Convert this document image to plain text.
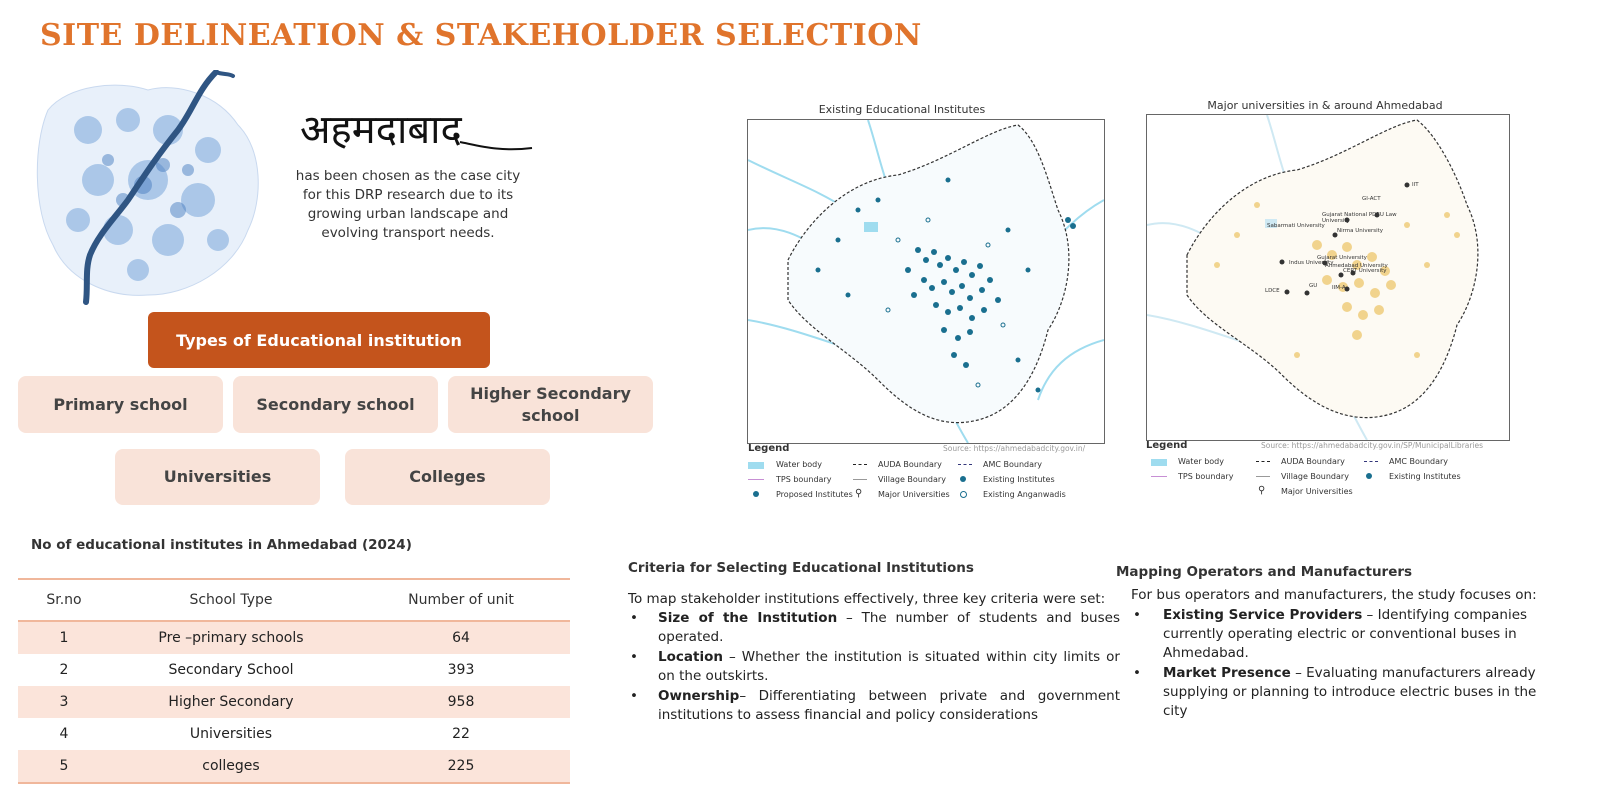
SITE DELINEATION & STAKEHOLDER SELECTION
अहमदाबाद
has been chosen as the case city for this DRP research due to its growing urban landscape and evolving transport needs.
Types of Educational institution
Primary school	Secondary school
Higher Secondary school
Universities	Colleges
No of educational institutes in Ahmedabad (2024)
Sr.no	School Type	Number of unit
1	Pre –primary schools	64
2	Secondary School	393
3	Higher Secondary	958
4	Universities	22
5	colleges	225
Existing Educational Institutes
Legend	Source: https://ahmedabadcity.gov.in/
Water body	AUDA Boundary	AMC Boundary
TPS boundary	Village Boundary	Existing Institutes
Proposed Institutes ⚲ Major Universities	Existing Anganwadis
Major universities in & around Ahmedabad
GI-ACT
IIT
Gujarat National PDEU Law University
Sabarmati University
Nirma University
Gujarat University
CEPT University
Ahmedabad University
Indus University
LDCE
GU	IIM-A
Legend	Source: https://ahmedabadcity.gov.in/SP/MunicipalLibraries
Water body	AUDA Boundary	AMC Boundary
TPS boundary	Village Boundary	Existing Institutes
⚲ Major Universities
Criteria for Selecting Educational Institutions
To map stakeholder institutions effectively, three key criteria were set:
• Size of the Institution – The number of students and buses operated.
• Location – Whether the institution is situated within city limits or on the outskirts.
• Ownership– Differentiating between private and government institutions to assess financial and policy considerations
Mapping Operators and Manufacturers
For bus operators and manufacturers, the study focuses on:
• Existing Service Providers – Identifying companies currently operating electric or conventional buses in Ahmedabad.
• Market Presence – Evaluating manufacturers already supplying or planning to introduce electric buses in the city
